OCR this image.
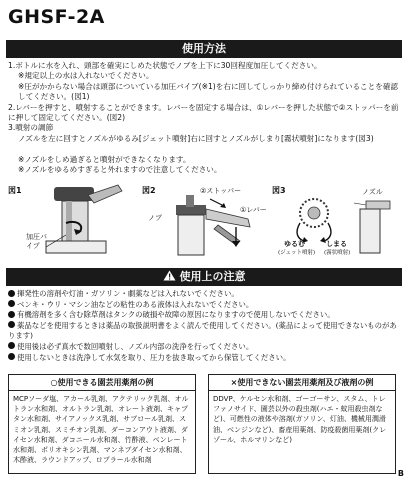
GHSF-2A
使用方法
1.ボトルに水を入れ、頭部を確実にしめた状態でノブを上下に30回程度加圧してください。
※規定以上の水は入れないでください。
※圧がかからない場合は頭部についている加圧バイブ(※1)を右に回してしっかり締め付けられていることを確認してください。(図1)
2.レバーを押すと、噴射することができます。レバーを固定する場合は、①レバーを押した状態で②ストッパーを前に押して固定してください。(図2)
3.噴射の調節
ノズルを左に回すとノズルがゆるみ[ジェット噴射]右に回すとノズルがしまり[霧状噴射]になります(図3)
※ノズルをしめ過ぎると噴射ができなくなります。
※ノズルをゆるめすぎると外れますので注意してください。
図1
加圧パイプ
図2	②ストッパー
ノブ
①レバー
図3	ノズル
ゆるむ
(ジェット噴射)
しまる
(霧状噴射)
使用上の注意
揮発性の溶剤や灯油・ガソリン・劇薬などは入れないでください。
ベンキ・ウリ・マシン油などの粘性のある液体は入れないでください。
有機溶剤を多く含む除草剤はタンクの破損や故障の原因になりますので使用しないでください。
薬品などを使用するときは薬品の取扱説明書をよく読んで使用してください。(薬品によって使用できないものがあります)
使用後は必ず真水で数回噴射し、ノズル内部の洗浄を行ってください。
使用しないときは洗浄して水気を取り、圧力を抜き取ってから保管してください。
○使用できる園芸用薬剤の例
MCPソーダ塩、アカール乳剤、アクテリック乳剤、オルトラン水和剤、オルトラン乳剤、オレート液剤、キャプタン水和剤、サイアノックス乳剤、サブロール乳剤、スミオン乳剤、スミチオン乳剤、ダーコンアウト液剤、ダイセン水和剤、ダコニール水和剤、竹酢液、ベンレート水和剤、ポリオキシン乳剤、マンネブダイセン水和剤、木酢液、ラウンドアップ、ロブラール水和剤
×使用できない園芸用薬剤及び液剤の例
DDVP、ケルセン水和剤、ゴーゴーサン、スタム、トレファノサイド、園芸以外の殺虫剤(ハエ・蚊用殺虫剤など)、可燃性の液体や溶剤(ガソリン、灯油、機械用潤滑油、ベンジンなど)、畜産用薬剤、防疫殺菌用薬剤(クレゾール、ホルマリンなど)
B
